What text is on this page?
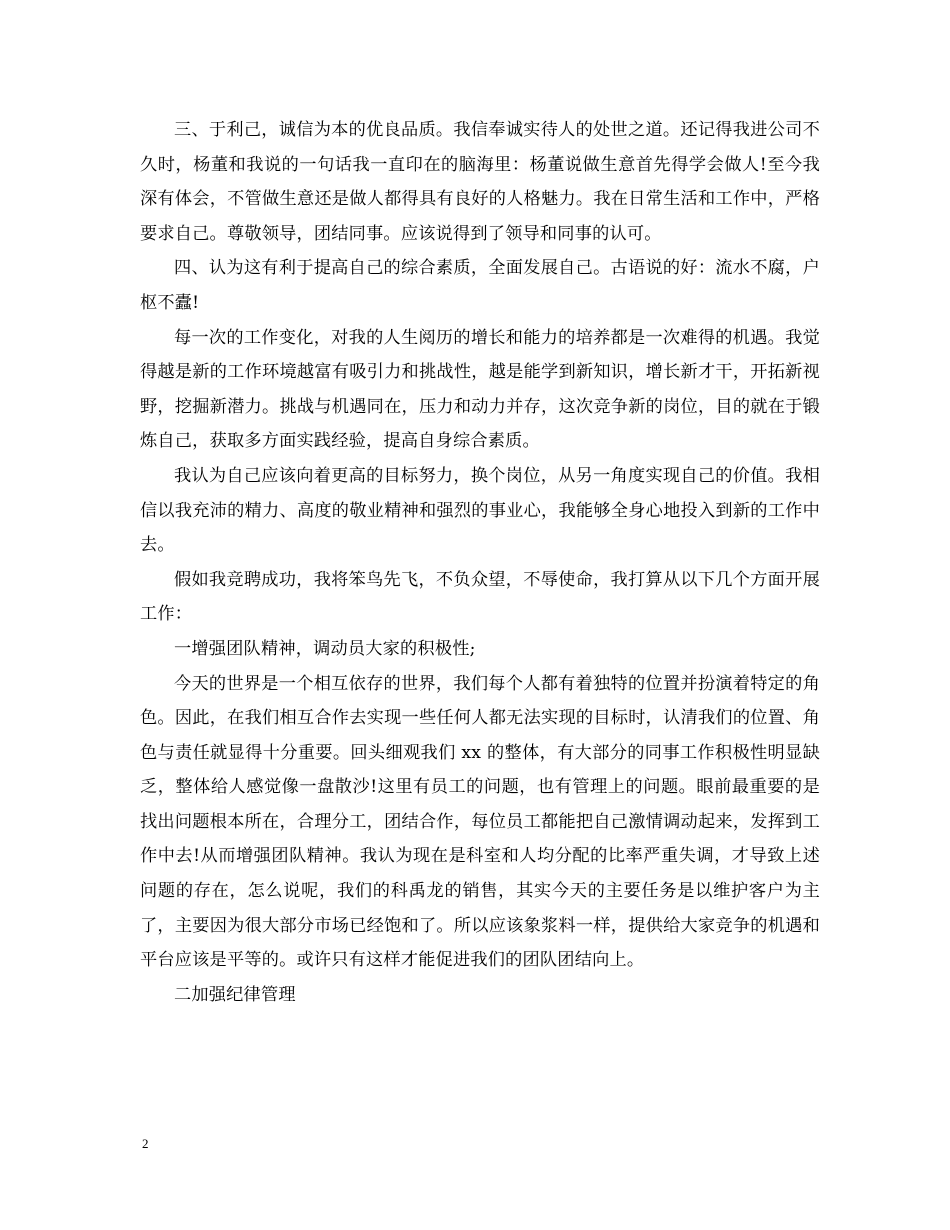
三、于利己，诚信为本的优良品质。我信奉诚实待人的处世之道。还记得我进公司不久时，杨董和我说的一句话我一直印在的脑海里：杨董说做生意首先得学会做人!至今我深有体会，不管做生意还是做人都得具有良好的人格魅力。我在日常生活和工作中，严格要求自己。尊敬领导，团结同事。应该说得到了领导和同事的认可。

四、认为这有利于提高自己的综合素质，全面发展自己。古语说的好：流水不腐，户枢不蠹!

每一次的工作变化，对我的人生阅历的增长和能力的培养都是一次难得的机遇。我觉得越是新的工作环境越富有吸引力和挑战性，越是能学到新知识，增长新才干，开拓新视野，挖掘新潜力。挑战与机遇同在，压力和动力并存，这次竞争新的岗位，目的就在于锻炼自己，获取多方面实践经验，提高自身综合素质。

我认为自己应该向着更高的目标努力，换个岗位，从另一角度实现自己的价值。我相信以我充沛的精力、高度的敬业精神和强烈的事业心，我能够全身心地投入到新的工作中去。

假如我竞聘成功，我将笨鸟先飞，不负众望，不辱使命，我打算从以下几个方面开展工作：

一增强团队精神，调动员大家的积极性;

今天的世界是一个相互依存的世界，我们每个人都有着独特的位置并扮演着特定的角色。因此，在我们相互合作去实现一些任何人都无法实现的目标时，认清我们的位置、角色与责任就显得十分重要。回头细观我们 xx 的整体，有大部分的同事工作积极性明显缺乏，整体给人感觉像一盘散沙!这里有员工的问题，也有管理上的问题。眼前最重要的是找出问题根本所在，合理分工，团结合作，每位员工都能把自己激情调动起来，发挥到工作中去!从而增强团队精神。我认为现在是科室和人均分配的比率严重失调，才导致上述问题的存在，怎么说呢，我们的科禹龙的销售，其实今天的主要任务是以维护客户为主了，主要因为很大部分市场已经饱和了。所以应该象浆料一样，提供给大家竞争的机遇和平台应该是平等的。或许只有这样才能促进我们的团队团结向上。

二加强纪律管理

2
